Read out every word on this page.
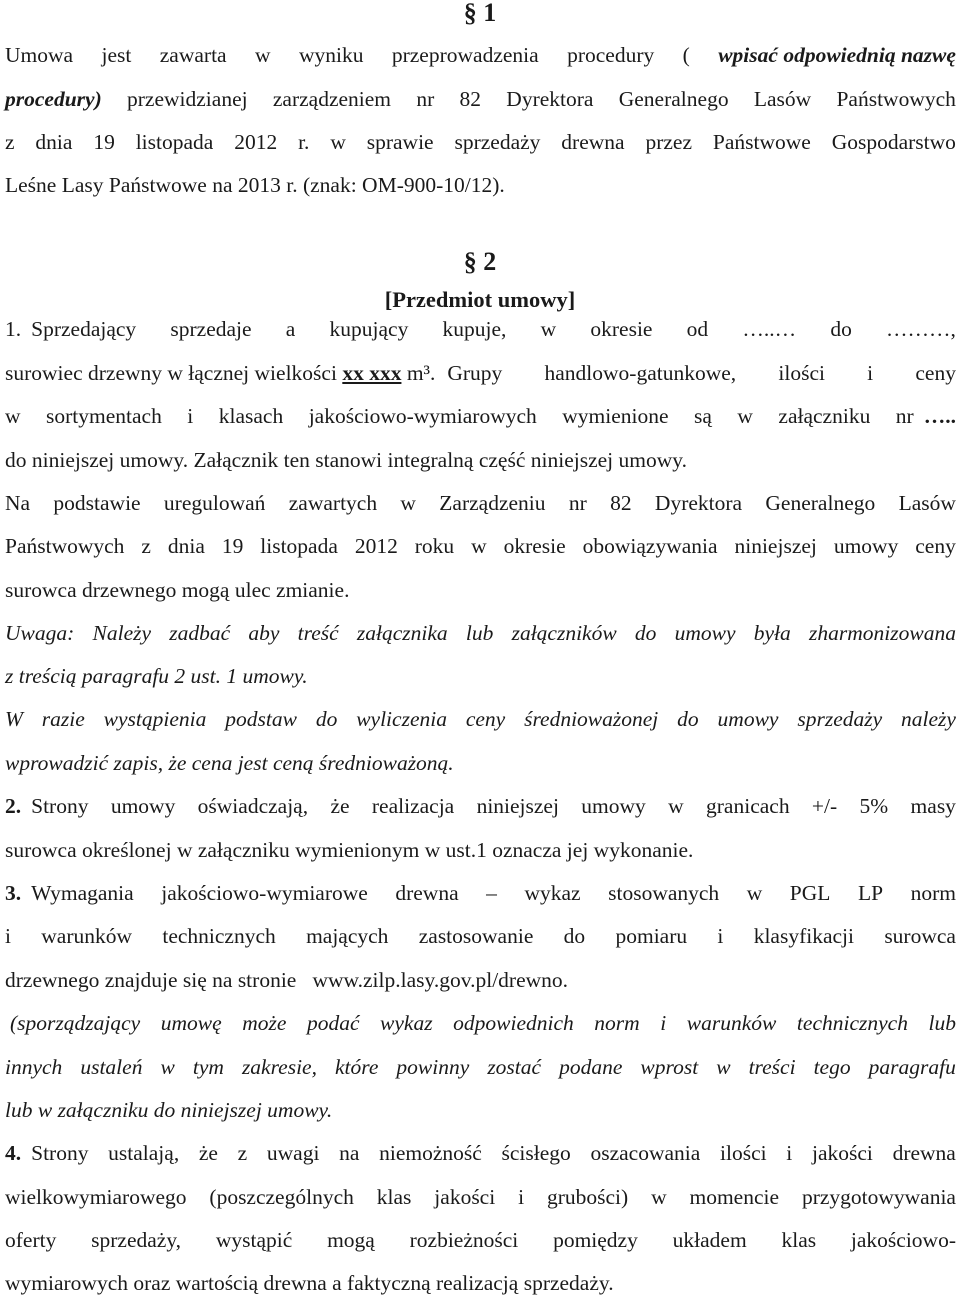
§ 1
Umowa jest zawarta w wyniku przeprowadzenia procedury ( wpisać odpowiednią nazwę
procedury) przewidzianej zarządzeniem nr 82 Dyrektora Generalnego Lasów Państwowych
z dnia 19 listopada 2012 r. w sprawie sprzedaży drewna przez Państwowe Gospodarstwo
Leśne Lasy Państwowe na 2013 r. (znak: OM-900-10/12).
§ 2
[Przedmiot umowy]
1. Sprzedający sprzedaje a kupujący kupuje, w okresie od …..… do ………,
surowiec drzewny w łącznej wielkości xx xxx m³. Grupy handlowo-gatunkowe, ilości i ceny
w sortymentach i klasach jakościowo-wymiarowych wymienione są w załączniku nr …..
do niniejszej umowy. Załącznik ten stanowi integralną część niniejszej umowy.
Na podstawie uregulowań zawartych w Zarządzeniu nr 82 Dyrektora Generalnego Lasów
Państwowych z dnia 19 listopada 2012 roku w okresie obowiązywania niniejszej umowy ceny
surowca drzewnego mogą ulec zmianie.
Uwaga: Należy zadbać aby treść załącznika lub załączników do umowy była zharmonizowana
z treścią paragrafu 2 ust. 1 umowy.
W razie wystąpienia podstaw do wyliczenia ceny średnioważonej do umowy sprzedaży należy
wprowadzić zapis, że cena jest ceną średnioważoną.
2. Strony umowy oświadczają, że realizacja niniejszej umowy w granicach +/- 5% masy
surowca określonej w załączniku wymienionym w ust.1 oznacza jej wykonanie.
3. Wymagania jakościowo-wymiarowe drewna – wykaz stosowanych w PGL LP norm
i warunków technicznych mających zastosowanie do pomiaru i klasyfikacji surowca
drzewnego znajduje się na stronie   www.zilp.lasy.gov.pl/drewno.
(sporządzający umowę może podać wykaz odpowiednich norm i warunków technicznych lub
innych ustaleń w tym zakresie, które powinny zostać podane wprost w treści tego paragrafu
lub w załączniku do niniejszej umowy.
4. Strony ustalają, że z uwagi na niemożność ścisłego oszacowania ilości i jakości drewna
wielkowymiarowego (poszczególnych klas jakości i grubości) w momencie przygotowywania
oferty sprzedaży, wystąpić mogą rozbieżności pomiędzy układem klas jakościowo-
wymiarowych oraz wartością drewna a faktyczną realizacją sprzedaży.
